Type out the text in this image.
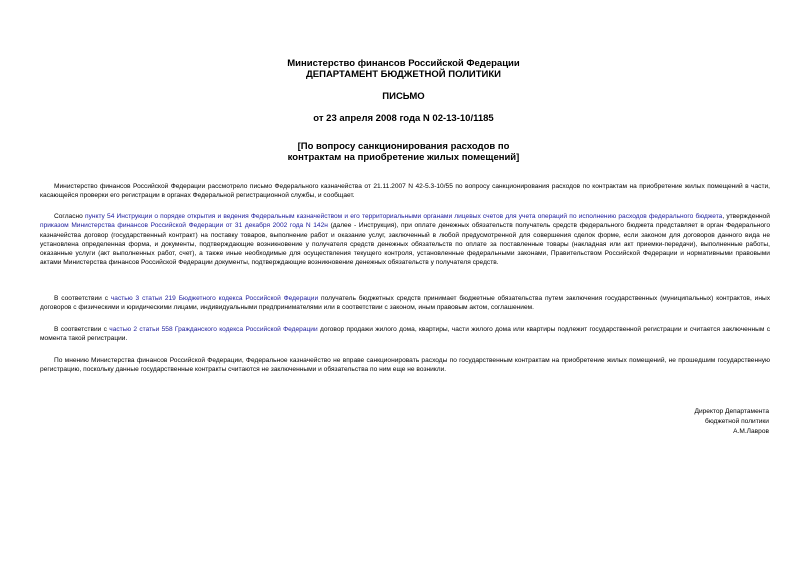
Министерство финансов Российской Федерации
ДЕПАРТАМЕНТ БЮДЖЕТНОЙ ПОЛИТИКИ
ПИСЬМО
от 23 апреля 2008 года N 02-13-10/1185
[По вопросу санкционирования расходов по
контрактам на приобретение жилых помещений]

Министерство финансов Российской Федерации рассмотрело письмо Федерального казначейства от 21.11.2007 N 42-5.3-10/55 по вопросу санкционирования расходов по контрактам на приобретение жилых помещений в части, касающейся проверки его регистрации в органах Федеральной регистрационной службы, и сообщает.

Согласно пункту 54 Инструкции о порядке открытия и ведения Федеральным казначейством и его территориальными органами лицевых счетов для учета операций по исполнению расходов федерального бюджета, утвержденной приказом Министерства финансов Российской Федерации от 31 декабря 2002 года N 142н (далее - Инструкция), при оплате денежных обязательств получатель средств федерального бюджета представляет в орган Федерального казначейства договор (государственный контракт) на поставку товаров, выполнение работ и оказание услуг, заключенный в любой предусмотренной для совершения сделок форме, если законом для договоров данного вида не установлена определенная форма, и документы, подтверждающие возникновение у получателя средств денежных обязательств по оплате за поставленные товары (накладная или акт приемки-передачи), выполненные работы, оказанные услуги (акт выполненных работ, счет), а также иные необходимые для осуществления текущего контроля, установленные федеральными законами, Правительством Российской Федерации и нормативными правовыми актами Министерства финансов Российской Федерации документы, подтверждающие возникновение денежных обязательств у получателя средств.

В соответствии с частью 3 статьи 219 Бюджетного кодекса Российской Федерации получатель бюджетных средств принимает бюджетные обязательства путем заключения государственных (муниципальных) контрактов, иных договоров с физическими и юридическими лицами, индивидуальными предпринимателями или в соответствии с законом, иным правовым актом, соглашением.

В соответствии с частью 2 статьи 558 Гражданского кодекса Российской Федерации договор продажи жилого дома, квартиры, части жилого дома или квартиры подлежит государственной регистрации и считается заключенным с момента такой регистрации.

По мнению Министерства финансов Российской Федерации, Федеральное казначейство не вправе санкционировать расходы по государственным контрактам на приобретение жилых помещений, не прошедшим государственную регистрацию, поскольку данные государственные контракты считаются не заключенными и обязательства по ним еще не возникли.

Директор Департамента
бюджетной политики
А.М.Лавров
